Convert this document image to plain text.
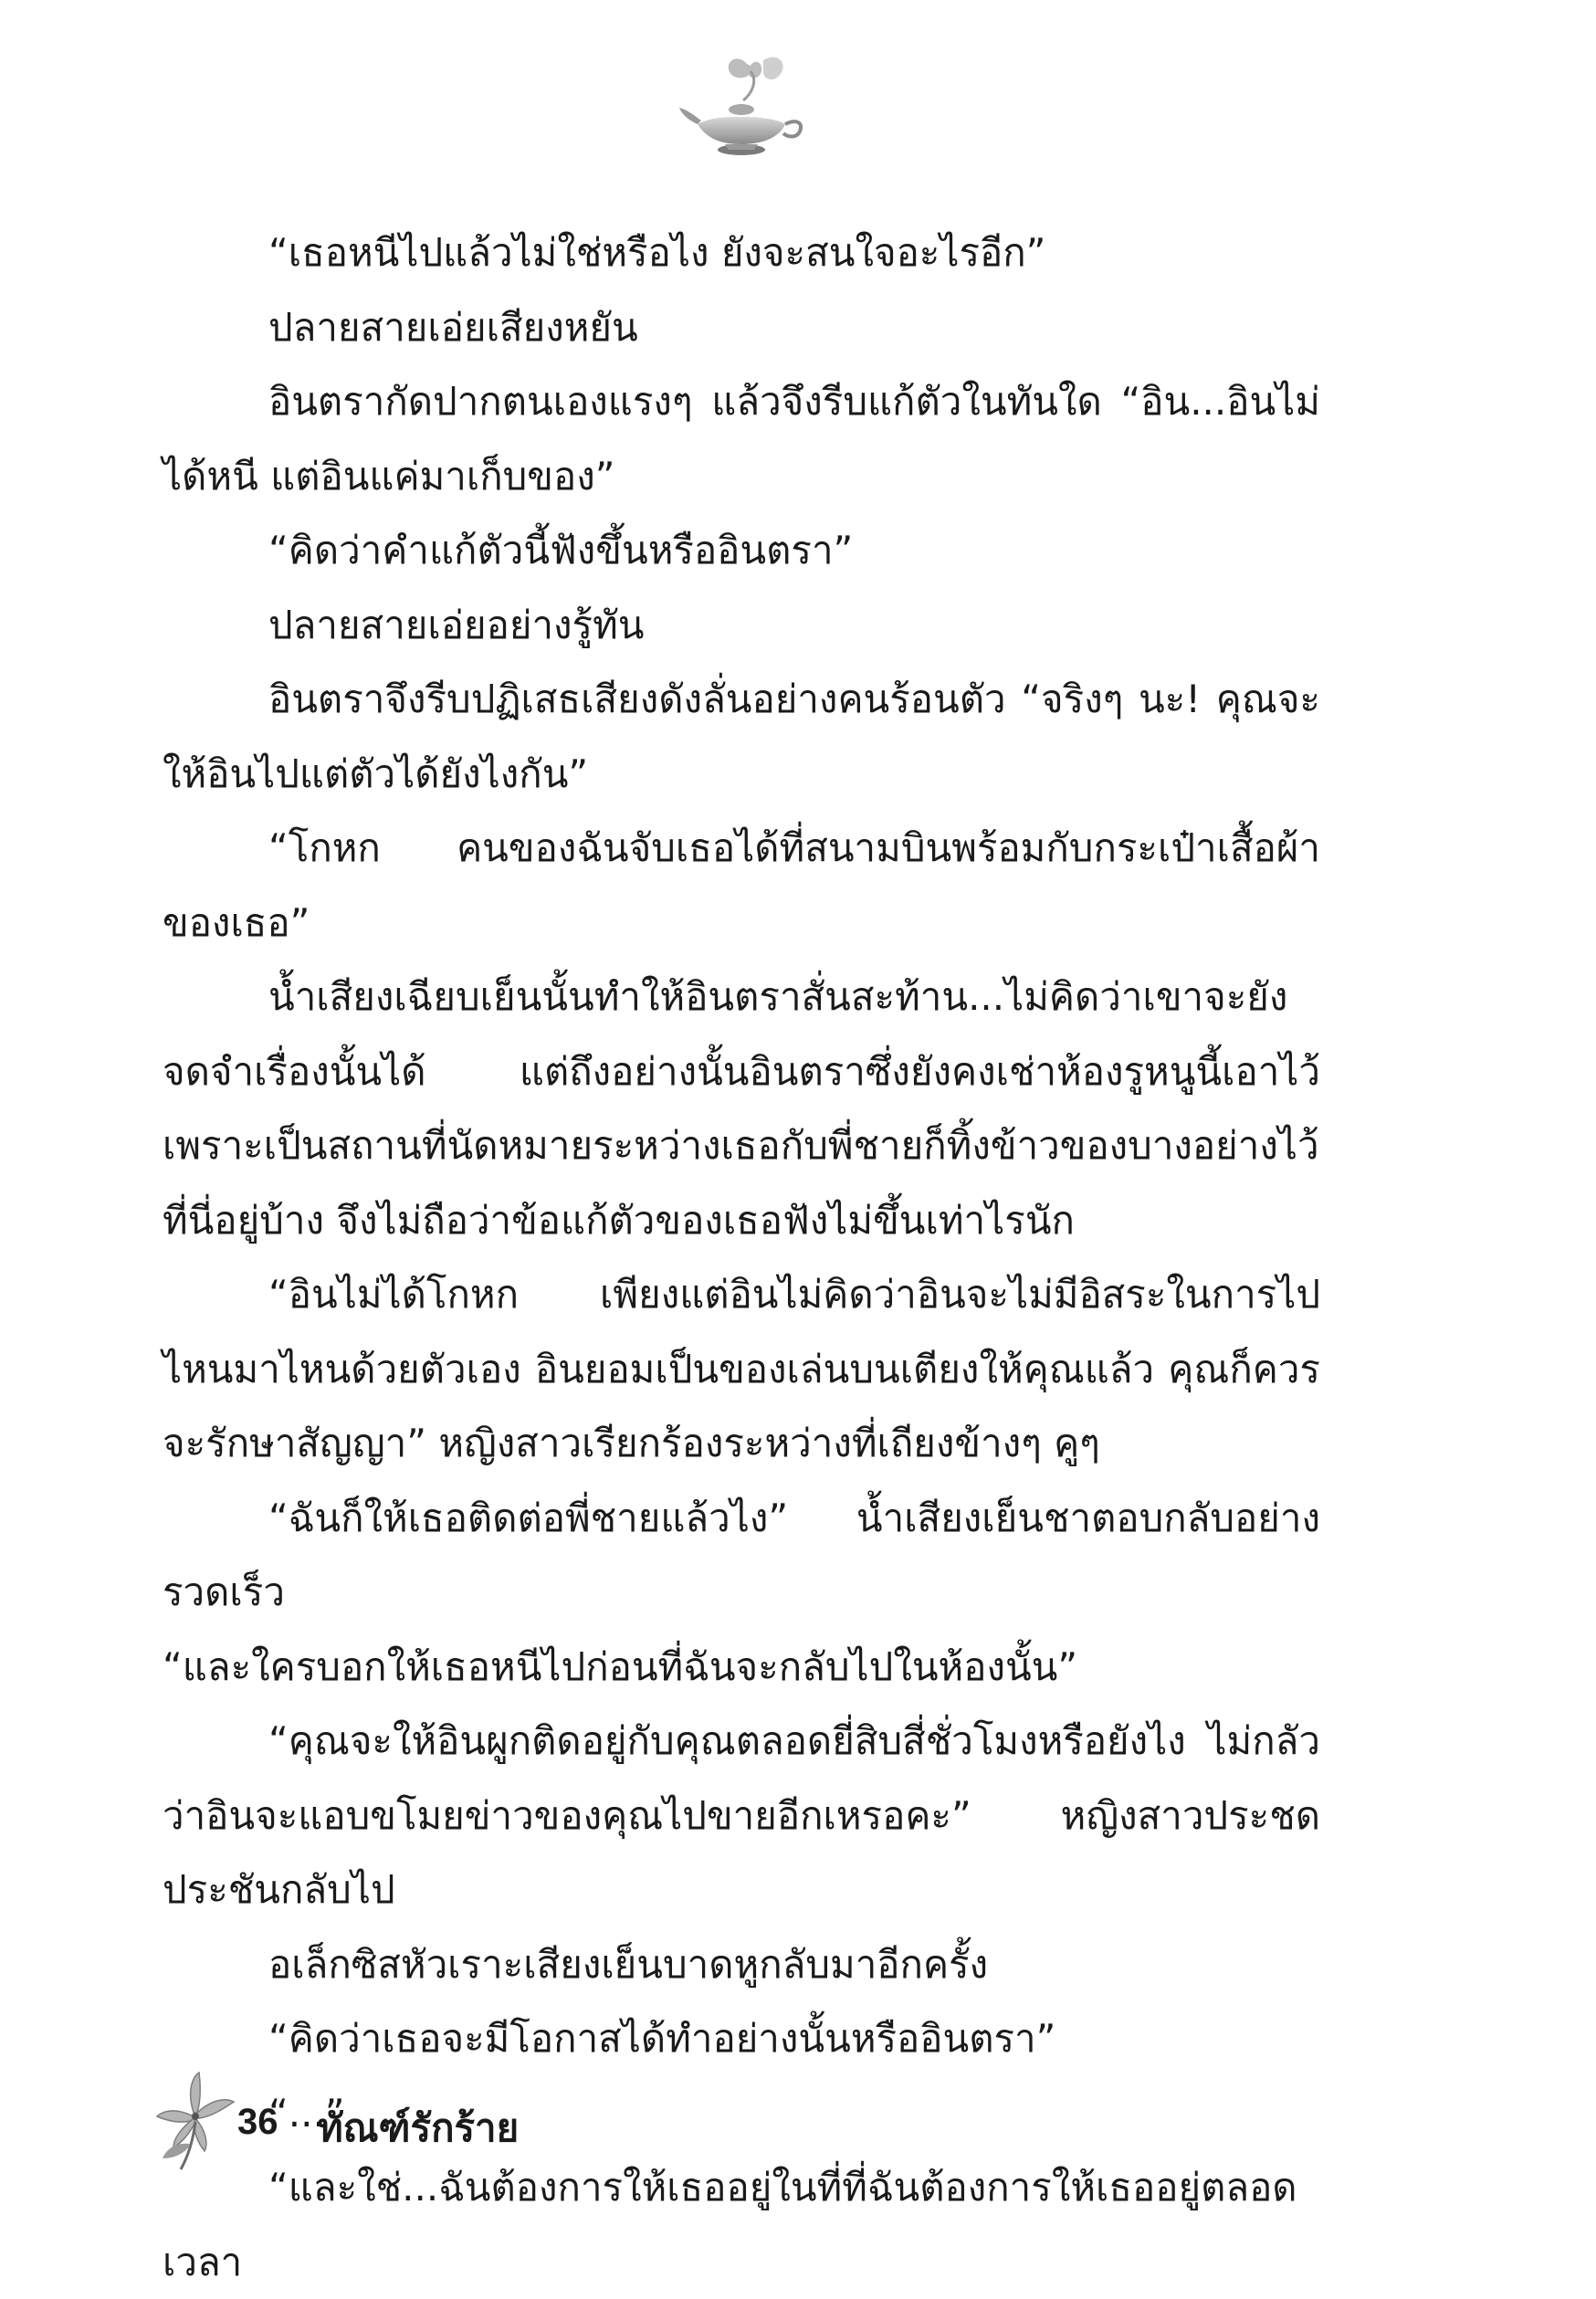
“เธอหนีไปแล้วไม่ใช่หรือไง ยังจะสนใจอะไรอีก”

ปลายสายเอ่ยเสียงหยัน

อินตรากัดปากตนเองแรงๆ แล้วจึงรีบแก้ตัวในทันใด “อิน...อินไม่ได้หนี แต่อินแค่มาเก็บของ”

“คิดว่าคำแก้ตัวนี้ฟังขึ้นหรืออินตรา”

ปลายสายเอ่ยอย่างรู้ทัน

อินตราจึงรีบปฏิเสธเสียงดังลั่นอย่างคนร้อนตัว “จริงๆ นะ! คุณจะให้อินไปแต่ตัวได้ยังไงกัน”

“โกหก คนของฉันจับเธอได้ที่สนามบินพร้อมกับกระเป๋าเสื้อผ้าของเธอ”

น้ำเสียงเฉียบเย็นนั้นทำให้อินตราสั่นสะท้าน...ไม่คิดว่าเขาจะยังจดจำเรื่องนั้นได้ แต่ถึงอย่างนั้นอินตราซึ่งยังคงเช่าห้องรูหนูนี้เอาไว้ เพราะเป็นสถานที่นัดหมายระหว่างเธอกับพี่ชายก็ทิ้งข้าวของบางอย่างไว้ที่นี่อยู่บ้าง จึงไม่ถือว่าข้อแก้ตัวของเธอฟังไม่ขึ้นเท่าไรนัก

“อินไม่ได้โกหก เพียงแต่อินไม่คิดว่าอินจะไม่มีอิสระในการไปไหนมาไหนด้วยตัวเอง อินยอมเป็นของเล่นบนเตียงให้คุณแล้ว คุณก็ควรจะรักษาสัญญา” หญิงสาวเรียกร้องระหว่างที่เถียงข้างๆ คูๆ

“ฉันก็ให้เธอติดต่อพี่ชายแล้วไง” น้ำเสียงเย็นชาตอบกลับอย่างรวดเร็ว

“และใครบอกให้เธอหนีไปก่อนที่ฉันจะกลับไปในห้องนั้น”

“คุณจะให้อินผูกติดอยู่กับคุณตลอดยี่สิบสี่ชั่วโมงหรือยังไง ไม่กลัวว่าอินจะแอบขโมยข่าวของคุณไปขายอีกเหรอคะ” หญิงสาวประชดประชันกลับไป

อเล็กซิสหัวเราะเสียงเย็นบาดหูกลับมาอีกครั้ง

“คิดว่าเธอจะมีโอกาสได้ทำอย่างนั้นหรืออินตรา”

“...”

“และใช่...ฉันต้องการให้เธออยู่ในที่ที่ฉันต้องการให้เธออยู่ตลอดเวลา

36 ทัณฑ์รักร้าย
